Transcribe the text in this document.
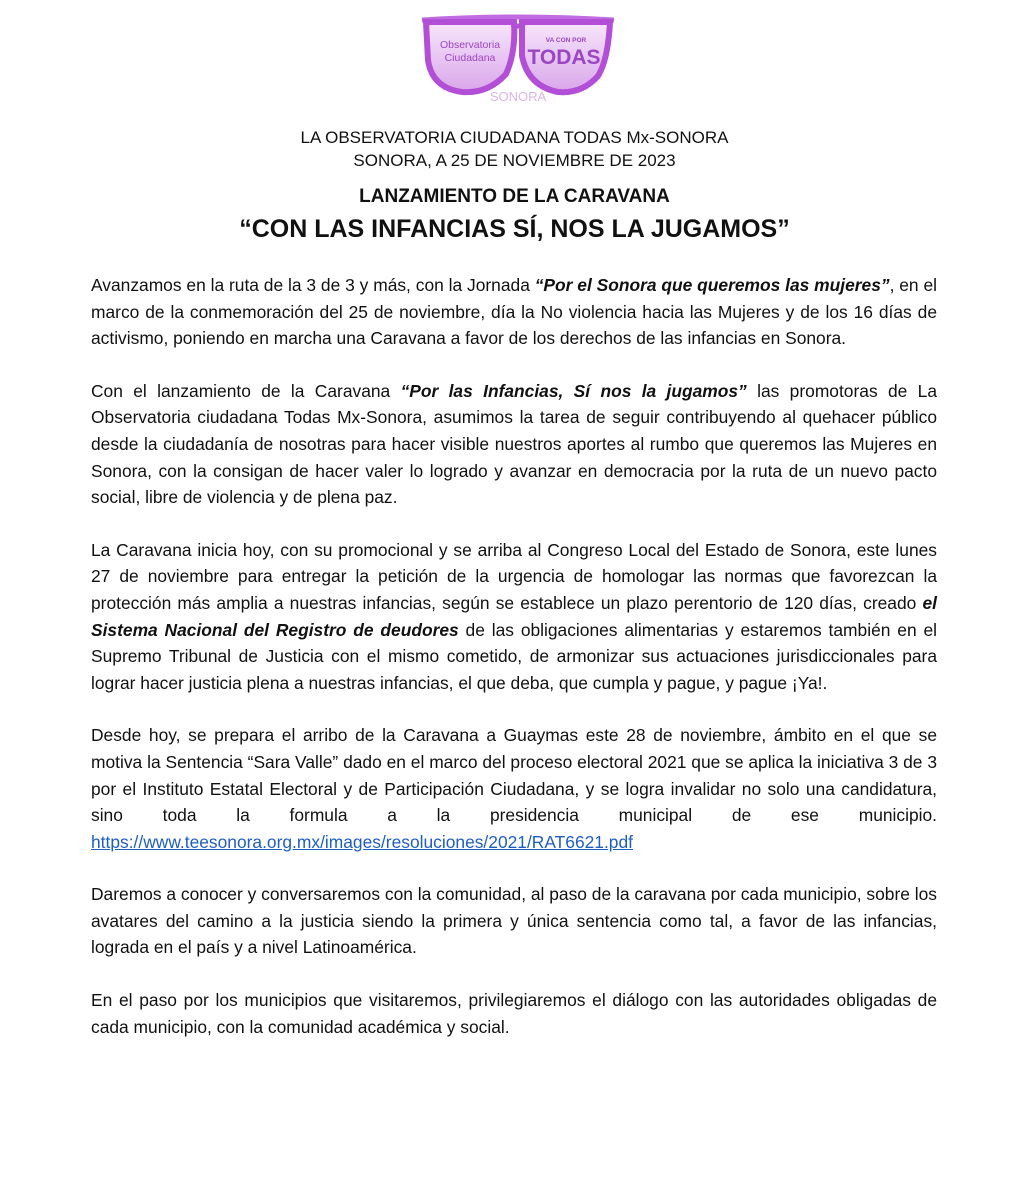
Observatoria
Ciudadana
VA CON POR
TODAS
SONORA
LA OBSERVATORIA CIUDADANA TODAS Mx-SONORA
SONORA, A 25 DE NOVIEMBRE DE 2023
LANZAMIENTO DE LA CARAVANA
“CON LAS INFANCIAS SÍ, NOS LA JUGAMOS”

Avanzamos en la ruta de la 3 de 3 y más, con la Jornada “Por el Sonora que queremos las mujeres”, en el marco de la conmemoración del 25 de noviembre, día la No violencia hacia las Mujeres y de los 16 días de activismo, poniendo en marcha una Caravana a favor de los derechos de las infancias en Sonora.

Con el lanzamiento de la Caravana “Por las Infancias, Sí nos la jugamos” las promotoras de La Observatoria ciudadana Todas Mx-Sonora, asumimos la tarea de seguir contribuyendo al quehacer público desde la ciudadanía de nosotras para hacer visible nuestros aportes al rumbo que queremos las Mujeres en Sonora, con la consigan de hacer valer lo logrado y avanzar en democracia por la ruta de un nuevo pacto social, libre de violencia y de plena paz.

La Caravana inicia hoy, con su promocional y se arriba al Congreso Local del Estado de Sonora, este lunes 27 de noviembre para entregar la petición de la urgencia de homologar las normas que favorezcan la protección más amplia a nuestras infancias, según se establece un plazo perentorio de 120 días, creado el Sistema Nacional del Registro de deudores de las obligaciones alimentarias y estaremos también en el Supremo Tribunal de Justicia con el mismo cometido, de armonizar sus actuaciones jurisdiccionales para lograr hacer justicia plena a nuestras infancias, el que deba, que cumpla y pague, y pague ¡Ya!.

Desde hoy, se prepara el arribo de la Caravana a Guaymas este 28 de noviembre, ámbito en el que se motiva la Sentencia “Sara Valle” dado en el marco del proceso electoral 2021 que se aplica la iniciativa 3 de 3 por el Instituto Estatal Electoral y de Participación Ciudadana, y se logra invalidar no solo una candidatura, sino toda la formula a la presidencia municipal de ese municipio. https://www.teesonora.org.mx/images/resoluciones/2021/RAT6621.pdf

Daremos a conocer y conversaremos con la comunidad, al paso de la caravana por cada municipio, sobre los avatares del camino a la justicia siendo la primera y única sentencia como tal, a favor de las infancias, lograda en el país y a nivel Latinoamérica.

En el paso por los municipios que visitaremos, privilegiaremos el diálogo con las autoridades obligadas de cada municipio, con la comunidad académica y social.
